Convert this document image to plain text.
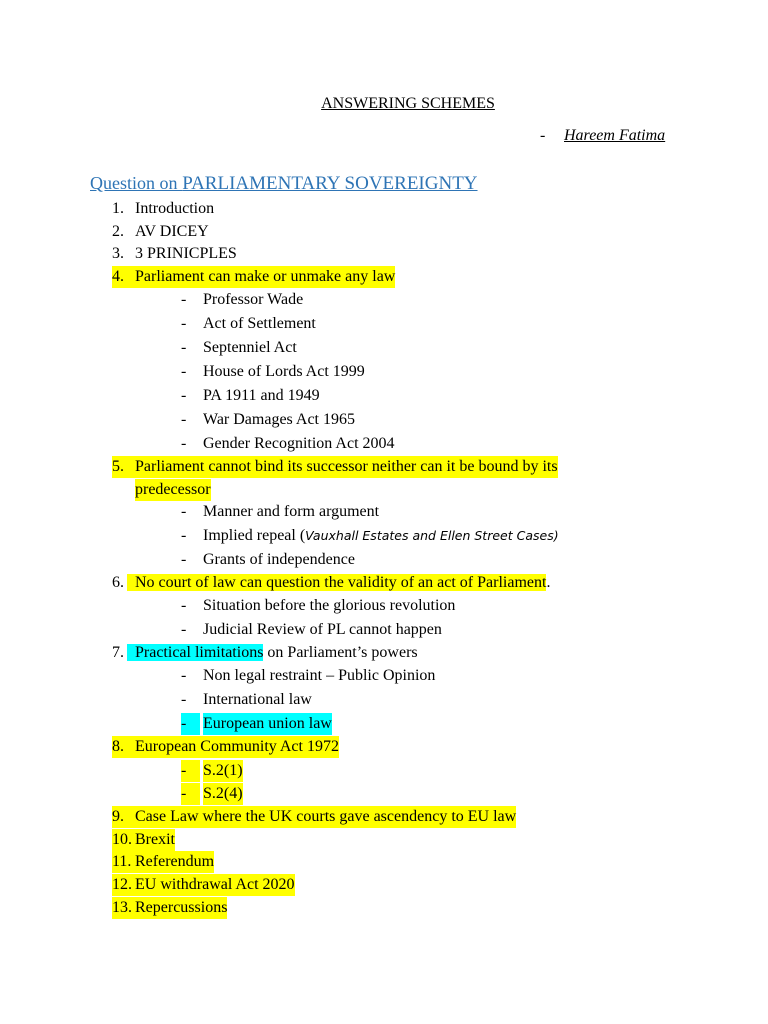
ANSWERING SCHEMES
- Hareem Fatima
Question on PARLIAMENTARY SOVEREIGNTY
1. Introduction
2. AV DICEY
3. 3 PRINICPLES
4. Parliament can make or unmake any law
- Professor Wade
- Act of Settlement
- Septenniel Act
- House of Lords Act 1999
- PA 1911 and 1949
- War Damages Act 1965
- Gender Recognition Act 2004
5. Parliament cannot bind its successor neither can it be bound by its
predecessor
- Manner and form argument
- Implied repeal (Vauxhall Estates and Ellen Street Cases)
- Grants of independence
6. No court of law can question the validity of an act of Parliament.
- Situation before the glorious revolution
- Judicial Review of PL cannot happen
7. Practical limitations on Parliament’s powers
- Non legal restraint – Public Opinion
- International law
-	European union law
8. European Community Act 1972
-	S.2(1)
-	S.2(4)
9. Case Law where the UK courts gave ascendency to EU law
10. Brexit
11. Referendum
12. EU withdrawal Act 2020
13. Repercussions
